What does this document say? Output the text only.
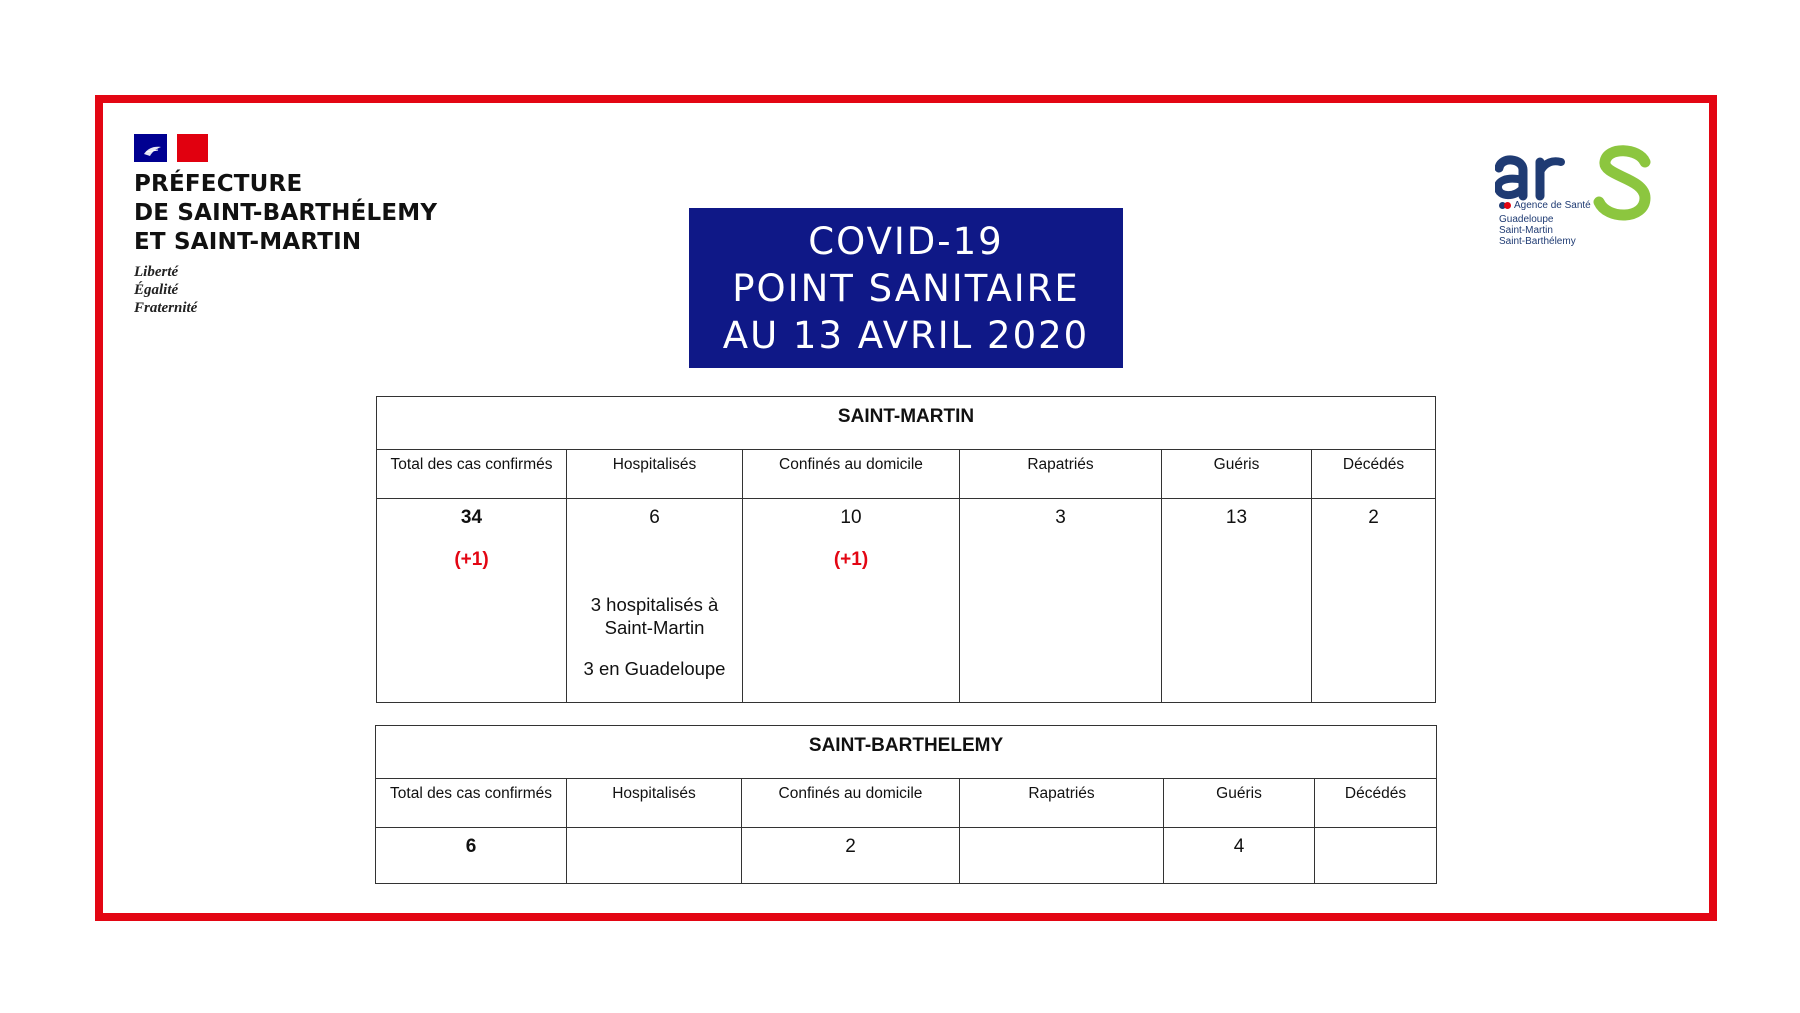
PRÉFECTURE
DE SAINT-BARTHÉLEMY
ET SAINT-MARTIN
Liberté
Égalité
Fraternité
COVID-19
POINT SANITAIRE
AU 13 AVRIL 2020
Agence de Santé
Guadeloupe
Saint-Martin
Saint-Barthélemy
SAINT-MARTIN					
Total des cas confirmés	Hospitalisés	Confinés au domicile	Rapatriés	Guéris	Décédés
34
(+1)	6
3 hospitalisés à Saint-Martin
3 en Guadeloupe	10
(+1)	3	13	2
SAINT-BARTHELEMY					
Total des cas confirmés	Hospitalisés	Confinés au domicile	Rapatriés	Guéris	Décédés
6		2		4	
